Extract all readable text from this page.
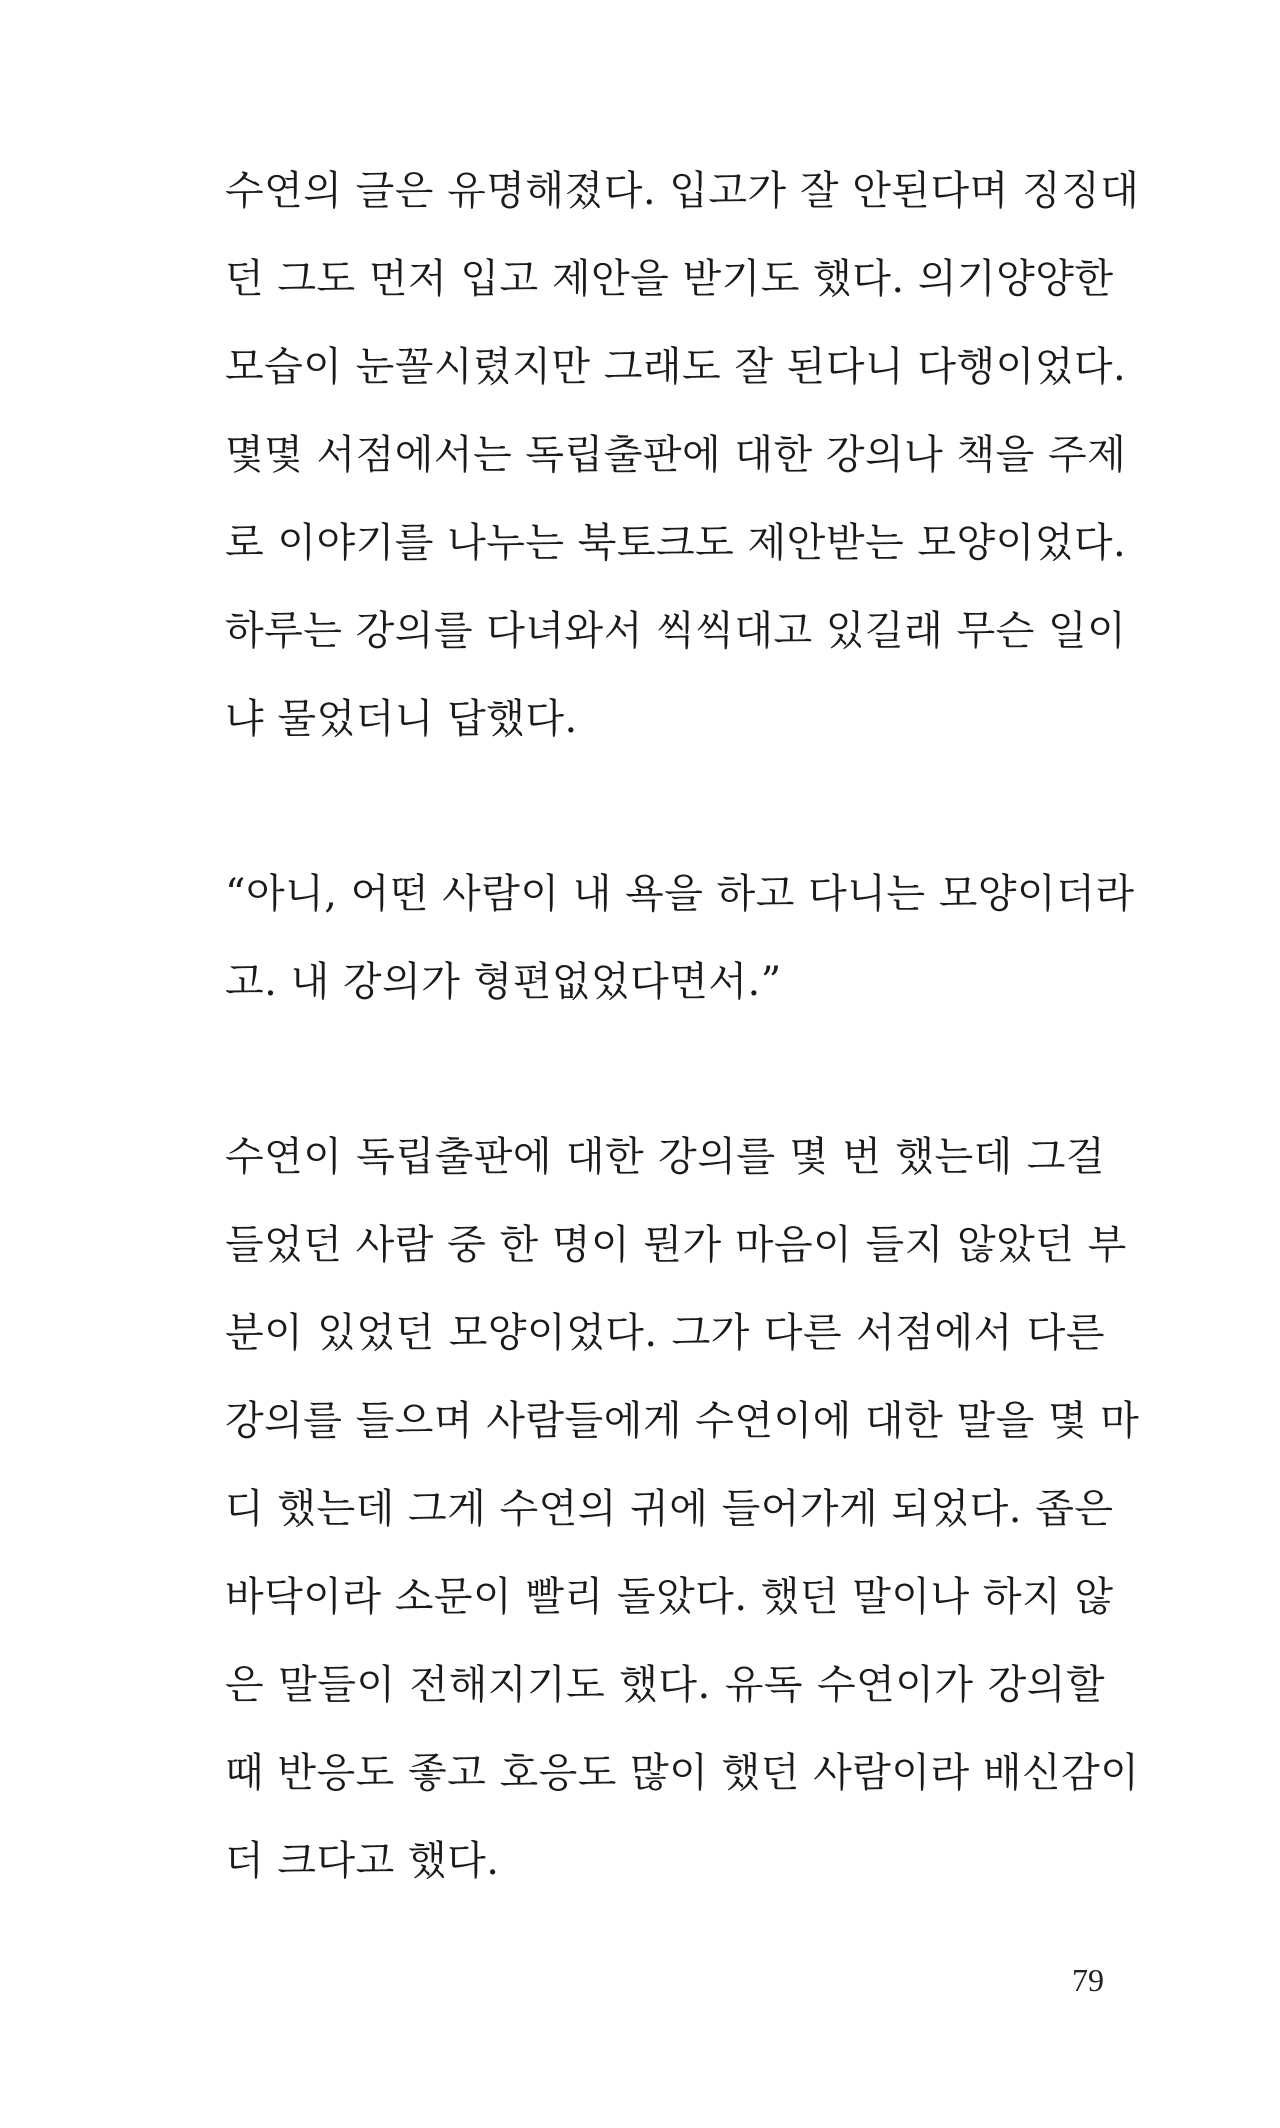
수연의 글은 유명해졌다. 입고가 잘 안된다며 징징대
던 그도 먼저 입고 제안을 받기도 했다. 의기양양한
모습이 눈꼴시렸지만 그래도 잘 된다니 다행이었다.
몇몇 서점에서는 독립출판에 대한 강의나 책을 주제
로 이야기를 나누는 북토크도 제안받는 모양이었다.
하루는 강의를 다녀와서 씩씩대고 있길래 무슨 일이
냐 물었더니 답했다.
“아니, 어떤 사람이 내 욕을 하고 다니는 모양이더라
고. 내 강의가 형편없었다면서.”
수연이 독립출판에 대한 강의를 몇 번 했는데 그걸
들었던 사람 중 한 명이 뭔가 마음이 들지 않았던 부
분이 있었던 모양이었다. 그가 다른 서점에서 다른
강의를 들으며 사람들에게 수연이에 대한 말을 몇 마
디 했는데 그게 수연의 귀에 들어가게 되었다. 좁은
바닥이라 소문이 빨리 돌았다. 했던 말이나 하지 않
은 말들이 전해지기도 했다. 유독 수연이가 강의할
때 반응도 좋고 호응도 많이 했던 사람이라 배신감이
더 크다고 했다.
79
